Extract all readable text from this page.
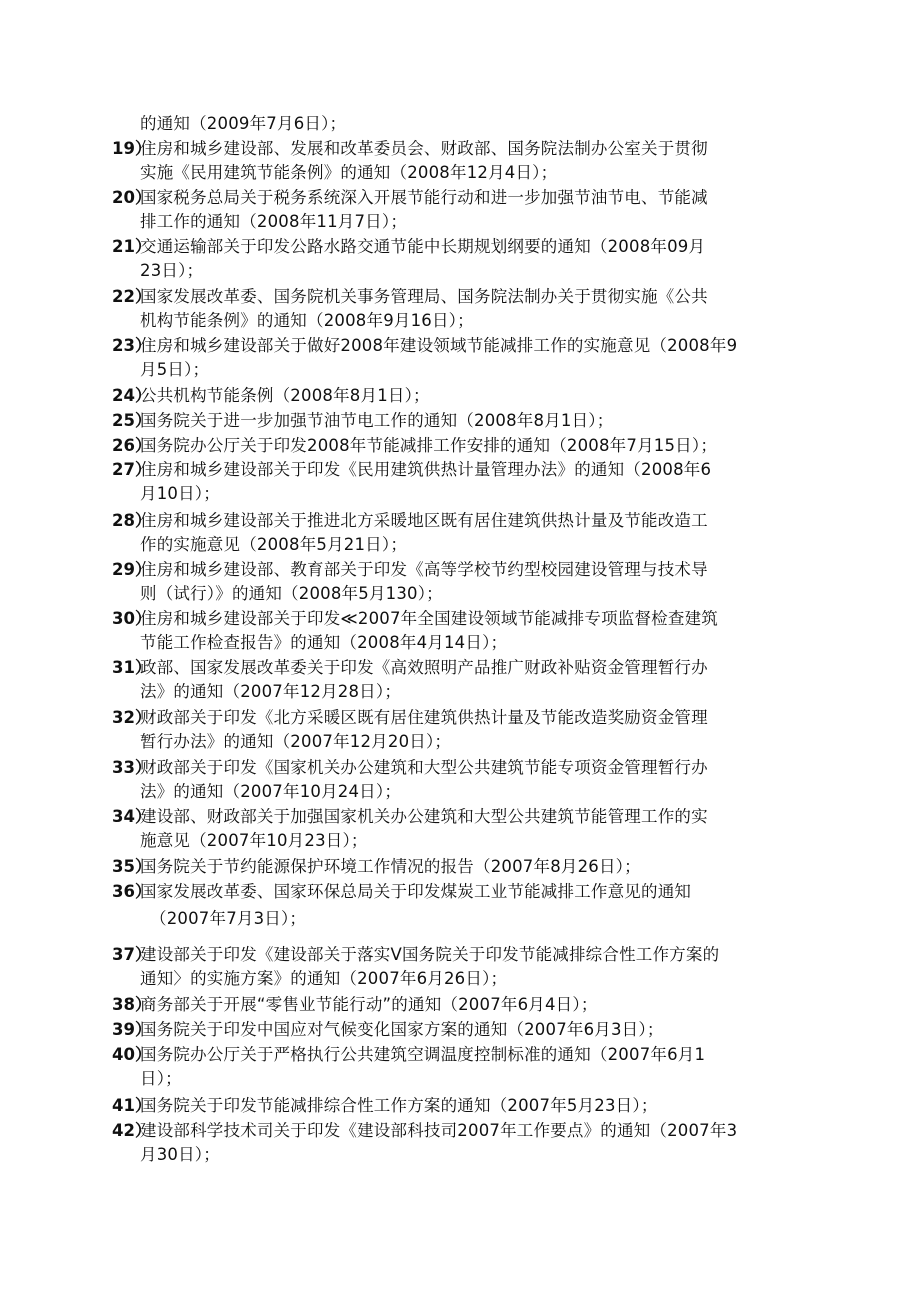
的通知（2009年7月6日）；
19）
住房和城乡建设部、发展和改革委员会、财政部、国务院法制办公室关于贯彻
实施《民用建筑节能条例》的通知（2008年12月4日）；
20）
国家税务总局关于税务系统深入开展节能行动和进一步加强节油节电、节能减
排工作的通知（2008年11月7日）；
21）
交通运输部关于印发公路水路交通节能中长期规划纲要的通知（2008年09月
23日）；
22）
国家发展改革委、国务院机关事务管理局、国务院法制办关于贯彻实施《公共
机构节能条例》的通知（2008年9月16日）；
23）
住房和城乡建设部关于做好2008年建设领域节能减排工作的实施意见（2008年9
月5日）；
24）
公共机构节能条例（2008年8月1日）；
25）
国务院关于进一步加强节油节电工作的通知（2008年8月1日）；
26）
国务院办公厅关于印发2008年节能减排工作安排的通知（2008年7月15日）；
27）
住房和城乡建设部关于印发《民用建筑供热计量管理办法》的通知（2008年6
月10日）；
28）
住房和城乡建设部关于推进北方采暖地区既有居住建筑供热计量及节能改造工
作的实施意见（2008年5月21日）；
29）
住房和城乡建设部、教育部关于印发《高等学校节约型校园建设管理与技术导
则（试行）》的通知（2008年5月130）；
30）
住房和城乡建设部关于印发≪2007年全国建设领域节能减排专项监督检查建筑
节能工作检查报告》的通知（2008年4月14日）；
31）
政部、国家发展改革委关于印发《高效照明产品推广财政补贴资金管理暂行办
法》的通知（2007年12月28日）；
32）
财政部关于印发《北方采暖区既有居住建筑供热计量及节能改造奖励资金管理
暂行办法》的通知（2007年12月20日）；
33）
财政部关于印发《国家机关办公建筑和大型公共建筑节能专项资金管理暂行办
法》的通知（2007年10月24日）；
34）
建设部、财政部关于加强国家机关办公建筑和大型公共建筑节能管理工作的实
施意见（2007年10月23日）；
35）
国务院关于节约能源保护环境工作情况的报告（2007年8月26日）；
36）
国家发展改革委、国家环保总局关于印发煤炭工业节能减排工作意见的通知
（2007年7月3日）；
37）
建设部关于印发《建设部关于落实V国务院关于印发节能减排综合性工作方案的
通知〉的实施方案》的通知（2007年6月26日）；
38）
商务部关于开展“零售业节能行动”的通知（2007年6月4日）；
39）
国务院关于印发中国应对气候变化国家方案的通知（2007年6月3日）；
40）
国务院办公厅关于严格执行公共建筑空调温度控制标准的通知（2007年6月1
日）；
41）
国务院关于印发节能减排综合性工作方案的通知（2007年5月23日）；
42）
建设部科学技术司关于印发《建设部科技司2007年工作要点》的通知（2007年3
月30日）；
